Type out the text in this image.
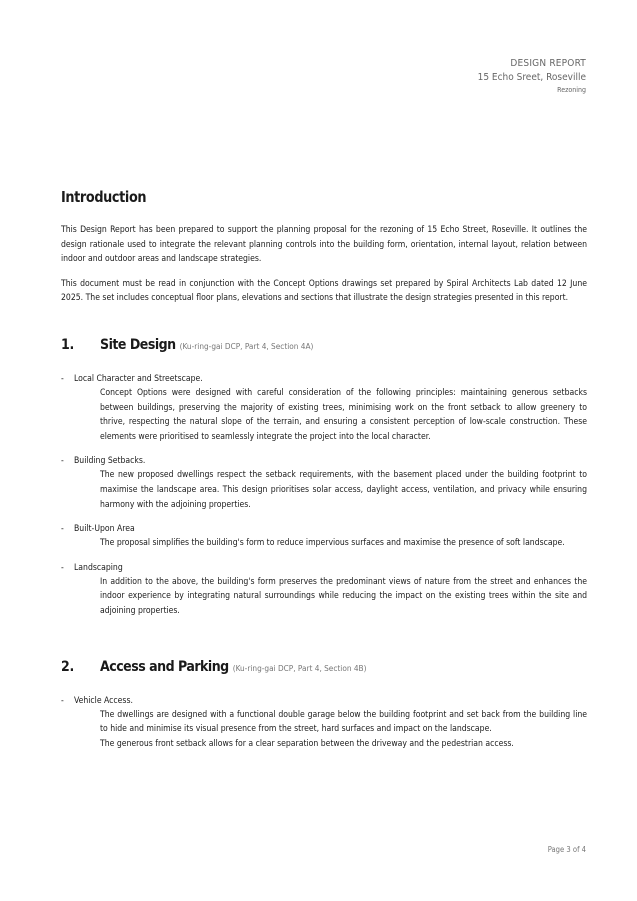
DESIGN REPORT
15 Echo Sreet, Roseville
Rezoning
Introduction

This Design Report has been prepared to support the planning proposal for the rezoning of 15 Echo Street, Roseville. It outlines the design rationale used to integrate the relevant planning controls into the building form, orientation, internal layout, relation between indoor and outdoor areas and landscape strategies.

This document must be read in conjunction with the Concept Options drawings set prepared by Spiral Architects Lab dated 12 June 2025. The set includes conceptual floor plans, elevations and sections that illustrate the design strategies presented in this report.

1.	Site Design (Ku-ring-gai DCP, Part 4, Section 4A)
-	Local Character and Streetscape.
Concept Options were designed with careful consideration of the following principles: maintaining generous setbacks between buildings, preserving the majority of existing trees, minimising work on the front setback to allow greenery to thrive, respecting the natural slope of the terrain, and ensuring a consistent perception of low-scale construction. These elements were prioritised to seamlessly integrate the project into the local character.
-	Building Setbacks.
The new proposed dwellings respect the setback requirements, with the basement placed under the building footprint to maximise the landscape area. This design prioritises solar access, daylight access, ventilation, and privacy while ensuring harmony with the adjoining properties.
-	Built-Upon Area
The proposal simplifies the building's form to reduce impervious surfaces and maximise the presence of soft landscape.
-	Landscaping
In addition to the above, the building's form preserves the predominant views of nature from the street and enhances the indoor experience by integrating natural surroundings while reducing the impact on the existing trees within the site and adjoining properties.
2.	Access and Parking (Ku-ring-gai DCP, Part 4, Section 4B)
-	Vehicle Access.
The dwellings are designed with a functional double garage below the building footprint and set back from the building line to hide and minimise its visual presence from the street, hard surfaces and impact on the landscape.
The generous front setback allows for a clear separation between the driveway and the pedestrian access.
Page 3 of 4
